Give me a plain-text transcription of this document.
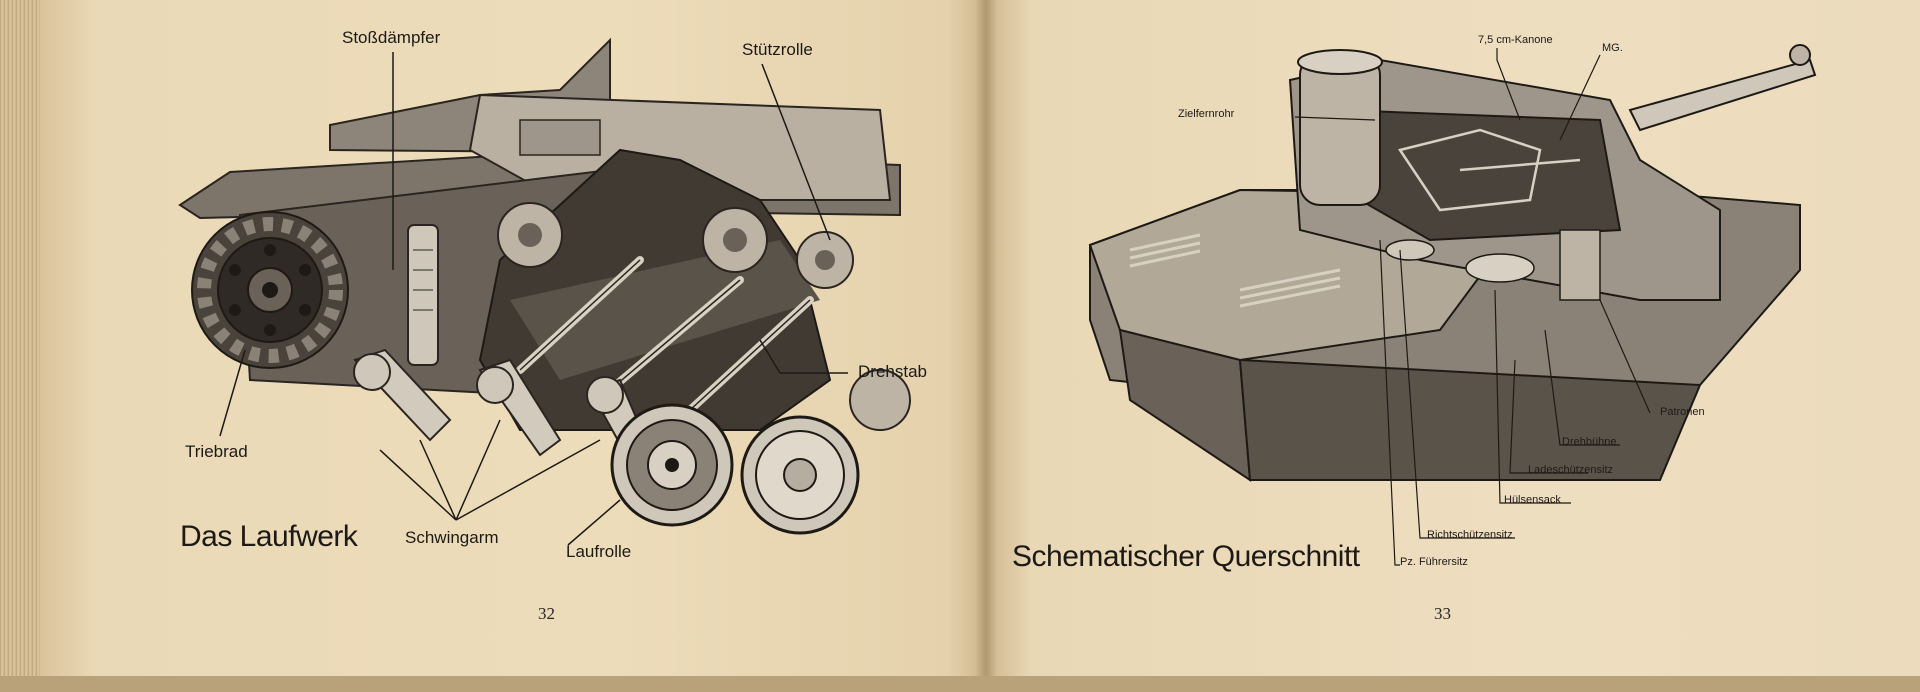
Stoßdämpfer
Stützrolle
Drehstab
Triebrad
Schwingarm
Laufrolle
Das Laufwerk
32
7,5 cm-Kanone
MG.
Zielfernrohr
Patronen
Drehbühne
Ladeschützensitz
Hülsensack
Richtschützensitz
Pz. Führersitz
Schematischer Querschnitt
33
